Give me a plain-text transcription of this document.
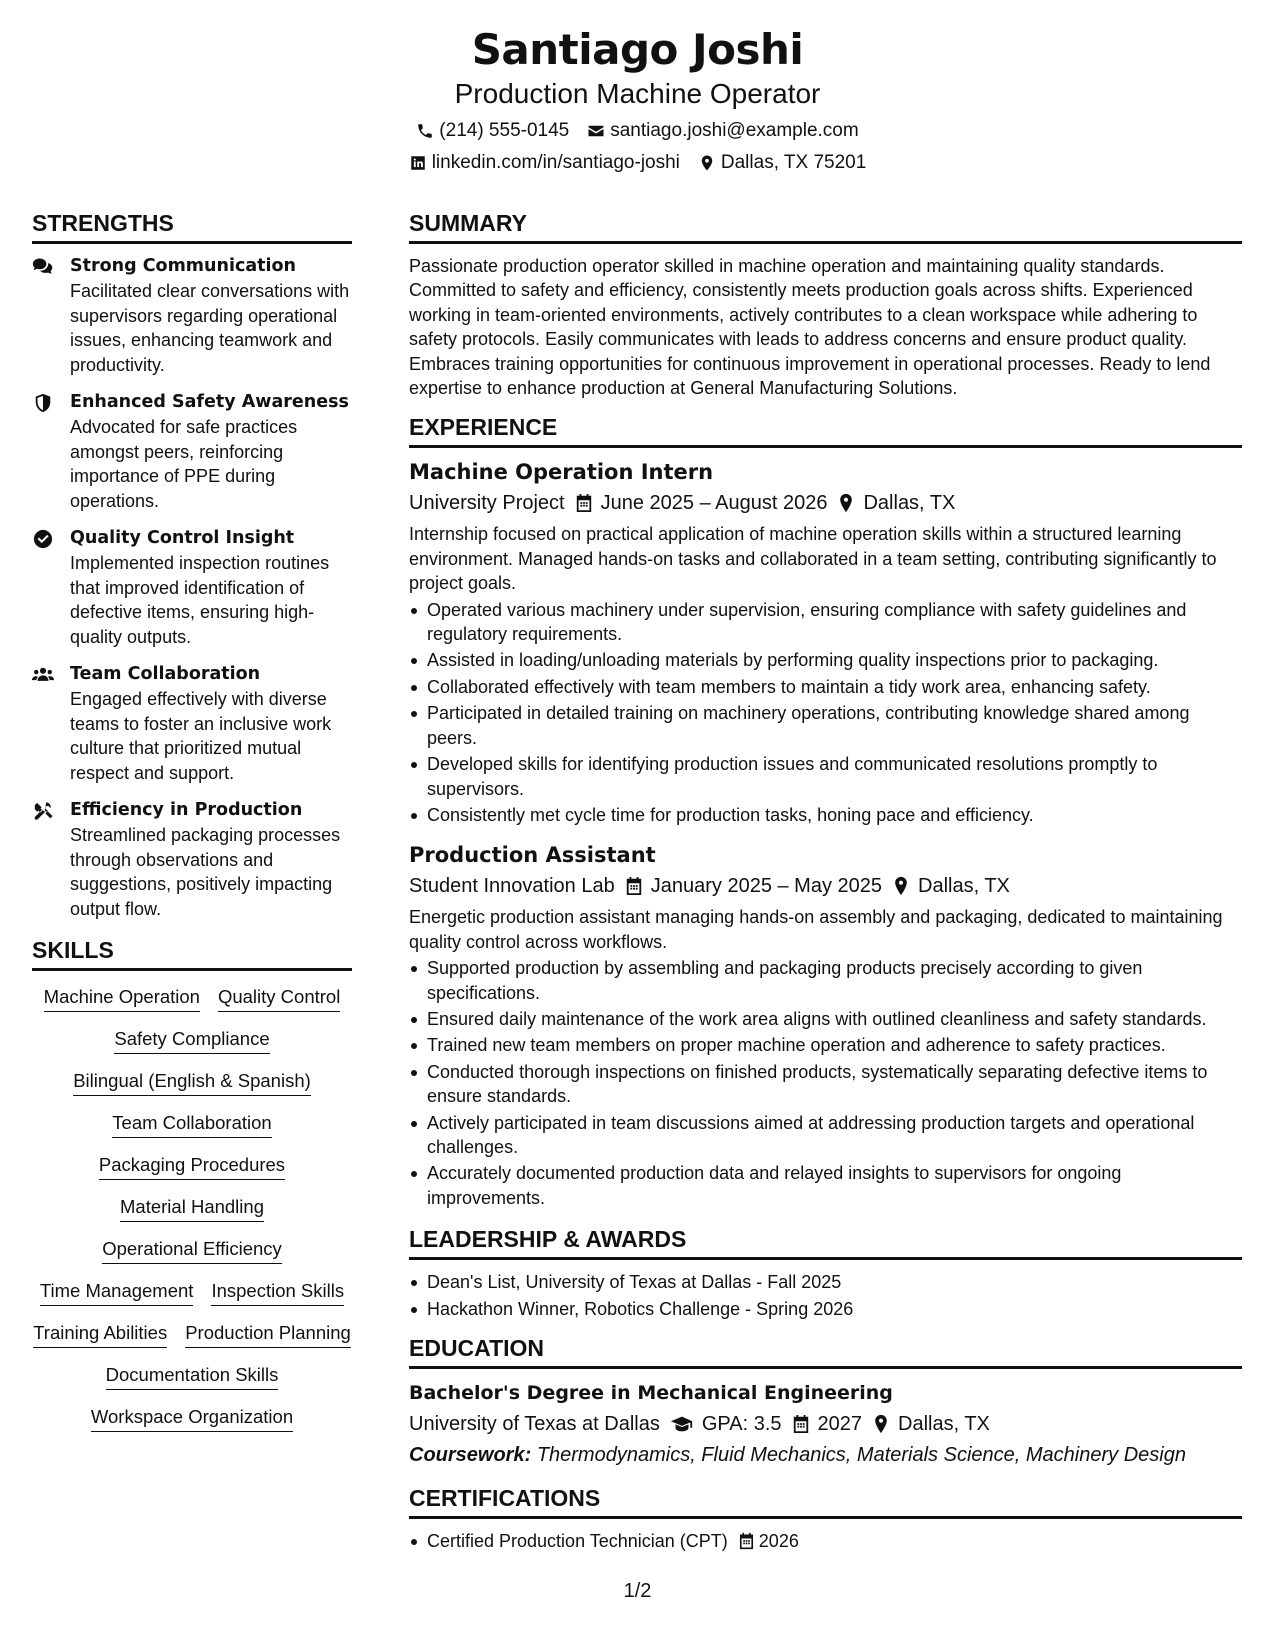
Santiago Joshi
Production Machine Operator
(214) 555-0145 santiago.joshi@example.com
linkedin.com/in/santiago-joshi Dallas, TX 75201
STRENGTHS
Strong Communication
Facilitated clear conversations with supervisors regarding operational issues, enhancing teamwork and productivity.
Enhanced Safety Awareness
Advocated for safe practices amongst peers, reinforcing importance of PPE during operations.
Quality Control Insight
Implemented inspection routines that improved identification of defective items, ensuring high-quality outputs.
Team Collaboration
Engaged effectively with diverse teams to foster an inclusive work culture that prioritized mutual respect and support.
Efficiency in Production
Streamlined packaging processes through observations and suggestions, positively impacting output flow.
SKILLS
Machine Operation Quality Control
Safety Compliance
Bilingual (English & Spanish)
Team Collaboration
Packaging Procedures
Material Handling
Operational Efficiency
Time Management Inspection Skills
Training Abilities Production Planning
Documentation Skills
Workspace Organization
SUMMARY
Passionate production operator skilled in machine operation and maintaining quality standards. Committed to safety and efficiency, consistently meets production goals across shifts. Experienced working in team-oriented environments, actively contributes to a clean workspace while adhering to safety protocols. Easily communicates with leads to address concerns and ensure product quality. Embraces training opportunities for continuous improvement in operational processes. Ready to lend expertise to enhance production at General Manufacturing Solutions.
EXPERIENCE
Machine Operation Intern
University Project June 2025 – August 2026 Dallas, TX
Internship focused on practical application of machine operation skills within a structured learning environment. Managed hands-on tasks and collaborated in a team setting, contributing significantly to project goals.
Operated various machinery under supervision, ensuring compliance with safety guidelines and regulatory requirements.
Assisted in loading/unloading materials by performing quality inspections prior to packaging.
Collaborated effectively with team members to maintain a tidy work area, enhancing safety.
Participated in detailed training on machinery operations, contributing knowledge shared among peers.
Developed skills for identifying production issues and communicated resolutions promptly to supervisors.
Consistently met cycle time for production tasks, honing pace and efficiency.
Production Assistant
Student Innovation Lab January 2025 – May 2025 Dallas, TX
Energetic production assistant managing hands-on assembly and packaging, dedicated to maintaining quality control across workflows.
Supported production by assembling and packaging products precisely according to given specifications.
Ensured daily maintenance of the work area aligns with outlined cleanliness and safety standards.
Trained new team members on proper machine operation and adherence to safety practices.
Conducted thorough inspections on finished products, systematically separating defective items to ensure standards.
Actively participated in team discussions aimed at addressing production targets and operational challenges.
Accurately documented production data and relayed insights to supervisors for ongoing improvements.
LEADERSHIP & AWARDS
Dean's List, University of Texas at Dallas - Fall 2025
Hackathon Winner, Robotics Challenge - Spring 2026
EDUCATION
Bachelor's Degree in Mechanical Engineering
University of Texas at Dallas GPA: 3.5 2027 Dallas, TX
Coursework: Thermodynamics, Fluid Mechanics, Materials Science, Machinery Design
CERTIFICATIONS
Certified Production Technician (CPT) 2026
1/2
